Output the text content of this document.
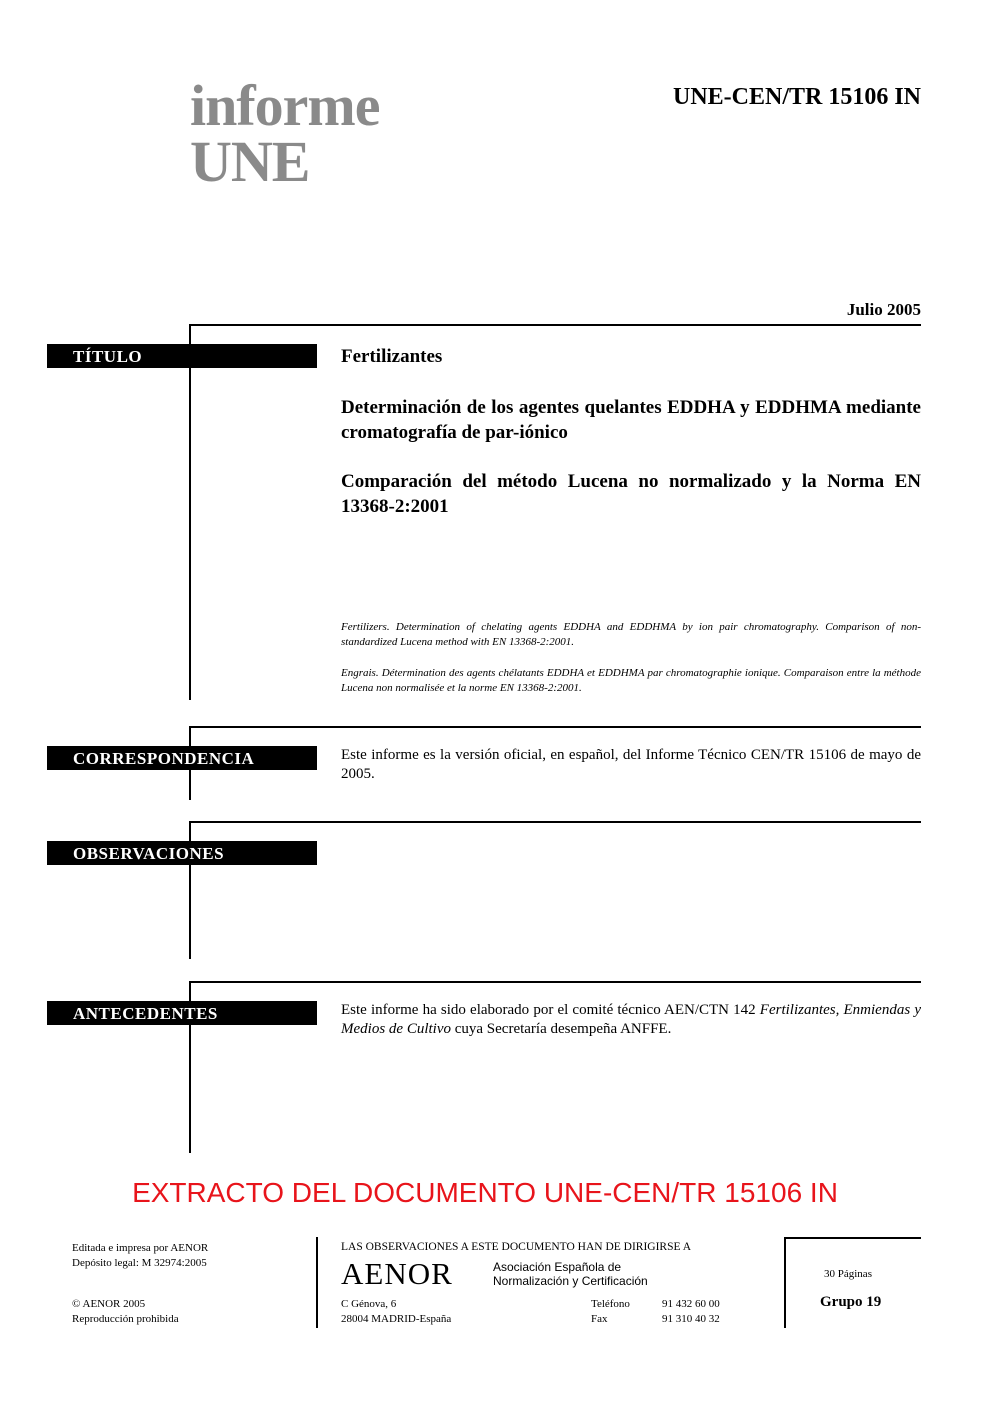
informe
UNE
UNE-CEN/TR 15106 IN
Julio 2005
TÍTULO	Fertilizantes
Determinación de los agentes quelantes EDDHA y EDDHMA mediante cromatografía de par-iónico
Comparación del método Lucena no normalizado y la Norma EN 13368-2:2001
Fertilizers. Determination of chelating agents EDDHA and EDDHMA by ion pair chromatography. Comparison of non-standardized Lucena method with EN 13368-2:2001.
Engrais. Détermination des agents chélatants EDDHA et EDDHMA par chromatographie ionique. Comparaison entre la méthode Lucena non normalisée et la norme EN 13368-2:2001.
CORRESPONDENCIA	Este informe es la versión oficial, en español, del Informe Técnico CEN/TR 15106 de mayo de 2005.
OBSERVACIONES
ANTECEDENTES	Este informe ha sido elaborado por el comité técnico AEN/CTN 142 Fertilizantes, Enmiendas y Medios de Cultivo cuya Secretaría desempeña ANFFE.
EXTRACTO DEL DOCUMENTO UNE-CEN/TR 15106 IN
Editada e impresa por AENOR
Depósito legal: M 32974:2005
© AENOR 2005
Reproducción prohibida
LAS OBSERVACIONES A ESTE DOCUMENTO HAN DE DIRIGIRSE A
AENOR	Asociación Española de
Normalización y Certificación
C Génova, 6
28004 MADRID-España
Teléfono	91 432 60 00
Fax	91 310 40 32
30 Páginas
Grupo 19
